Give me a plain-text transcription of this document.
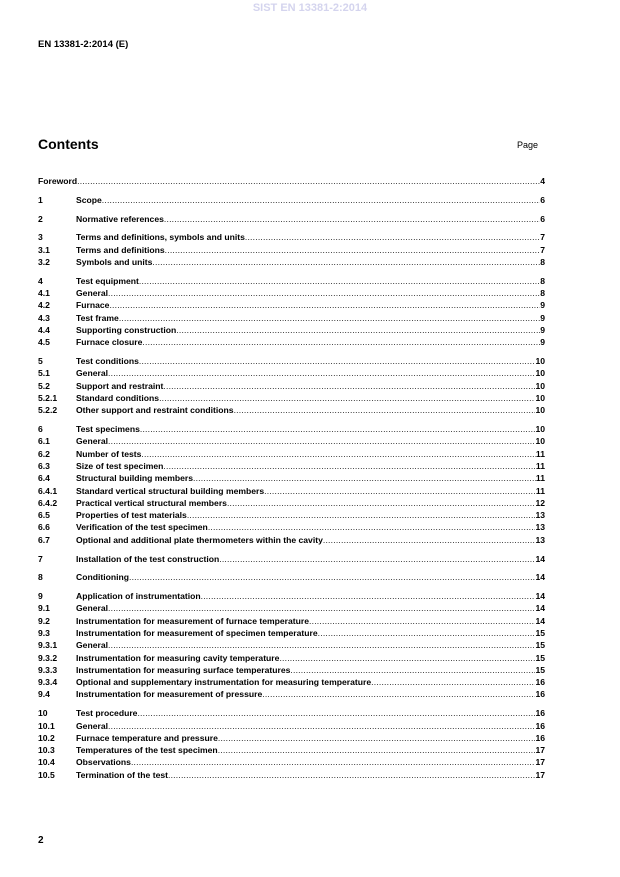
SIST EN 13381-2:2014
EN 13381-2:2014 (E)
Contents	Page
Foreword .....	4
1	Scope .....	6
2	Normative references .....	6
3	Terms and definitions, symbols and units .....	7
3.1	Terms and definitions .....	7
3.2	Symbols and units .....	8
4	Test equipment .....	8
4.1	General .....	8
4.2	Furnace .....	9
4.3	Test frame .....	9
4.4	Supporting construction .....	9
4.5	Furnace closure .....	9
5	Test conditions .....	10
5.1	General .....	10
5.2	Support and restraint .....	10
5.2.1	Standard conditions .....	10
5.2.2	Other support and restraint conditions .....	10
6	Test specimens .....	10
6.1	General .....	10
6.2	Number of tests .....	11
6.3	Size of test specimen .....	11
6.4	Structural building members .....	11
6.4.1	Standard vertical structural building members .....	11
6.4.2	Practical vertical structural members .....	12
6.5	Properties of test materials .....	13
6.6	Verification of the test specimen .....	13
6.7	Optional and additional plate thermometers within the cavity .....	13
7	Installation of the test construction .....	14
8	Conditioning .....	14
9	Application of instrumentation .....	14
9.1	General .....	14
9.2	Instrumentation for measurement of furnace temperature .....	14
9.3	Instrumentation for measurement of specimen temperature .....	15
9.3.1	General .....	15
9.3.2	Instrumentation for measuring cavity temperature .....	15
9.3.3	Instrumentation for measuring surface temperatures .....	15
9.3.4	Optional and supplementary instrumentation for measuring temperature .....	16
9.4	Instrumentation for measurement of pressure .....	16
10	Test procedure .....	16
10.1	General .....	16
10.2	Furnace temperature and pressure .....	16
10.3	Temperatures of the test specimen .....	17
10.4	Observations .....	17
10.5	Termination of the test .....	17
2
